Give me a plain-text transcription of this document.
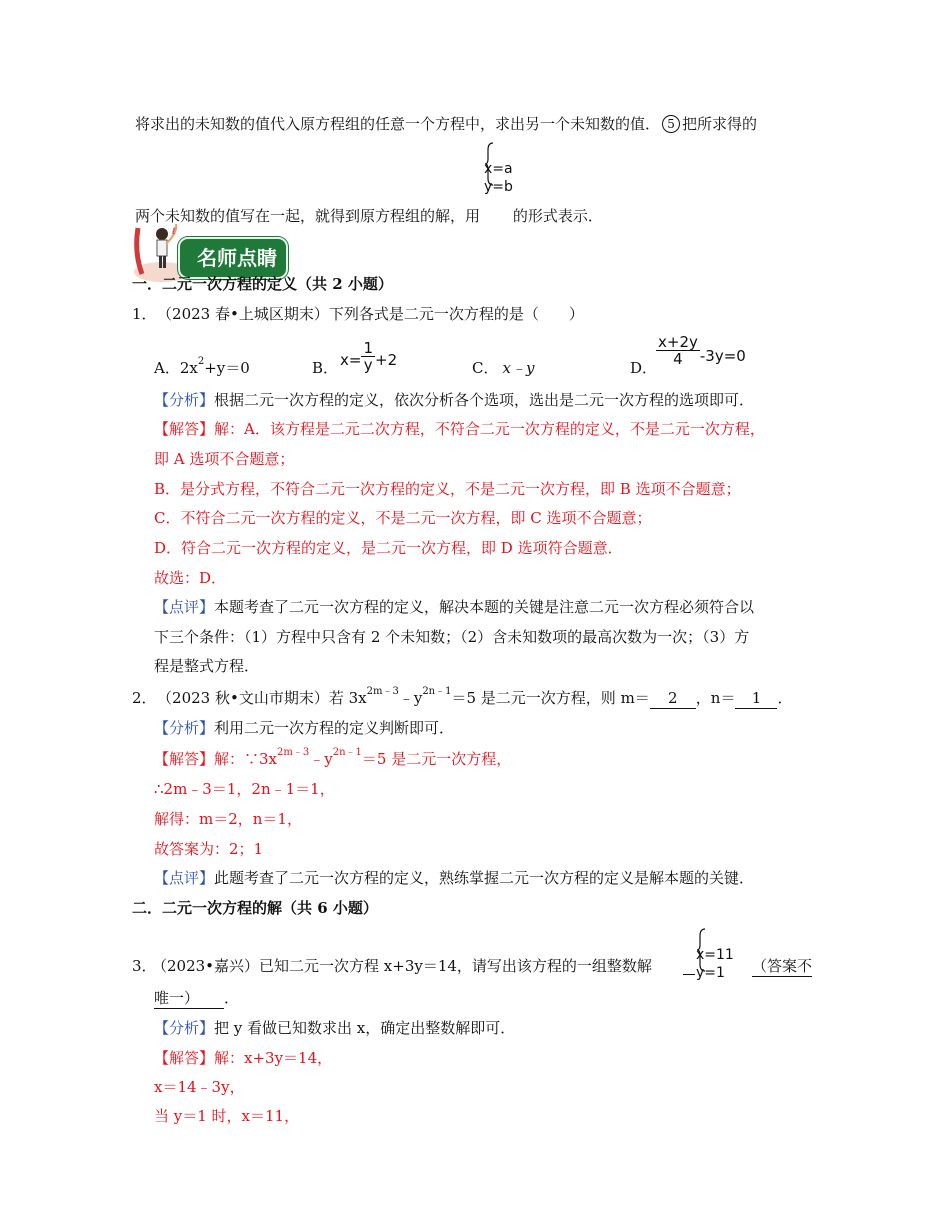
将求出的未知数的值代入原方程组的任意一个方程中，求出另一个未知数的值． 5 把所求得的
两个未知数的值写在一起，就得到原方程组的解，用
x=a
y=b
的形式表示．
ℓ
名师点睛
一．二元一次方程的定义（共 2 小题）
1． （2023 春•上城区期末）下列各式是二元一次方程的是（　　）
A．$2x^2+y=0$	B． $x= \frac{1}{y} +2$	C． x﹣y	D．
$\frac{x+2y}{4} -3y=0$
【分析】根据二元一次方程的定义，依次分析各个选项，选出是二元一次方程的选项即可．
【解答】解：A．该方程是二元二次方程，不符合二元一次方程的定义，不是二元一次方程，
即 A 选项不合题意；
B．是分式方程，不符合二元一次方程的定义，不是二元一次方程，即 B 选项不合题意；
C．不符合二元一次方程的定义，不是二元一次方程，即 C 选项不合题意；
D．符合二元一次方程的定义，是二元一次方程，即 D 选项符合题意．
故选：D．
【点评】本题考查了二元一次方程的定义，解决本题的关键是注意二元一次方程必须符合以
下三个条件：（1）方程中只含有 2 个未知数；（2）含未知数项的最高次数为一次；（3）方
程是整式方程．
2． （2023 秋•文山市期末）若 $3x^{2m﹣3}﹣y^{2n﹣1}=5$ 是二元一次方程，则 m＝ 2 ，n＝ 1 ．
【分析】利用二元一次方程的定义判断即可．
【解答】解：$\because 3x^{2m﹣3}﹣y^{2n﹣1}=5$ 是二元一次方程，
∴2m﹣3＝1，2n﹣1＝1，
解得：m＝2，n＝1，
故答案为：2；1
【点评】此题考查了二元一次方程的定义，熟练掌握二元一次方程的定义是解本题的关键．
二．二元一次方程的解（共 6 小题）
3．
（2023•嘉兴）已知二元一次方程 x+3y＝14，请写出该方程的一组整数解
x=11
y=1	（答案不
唯一） ．
【分析】把 y 看做已知数求出 x，确定出整数解即可．
【解答】解：x+3y＝14，
x＝14﹣3y，
当 y＝1 时，x＝11，
